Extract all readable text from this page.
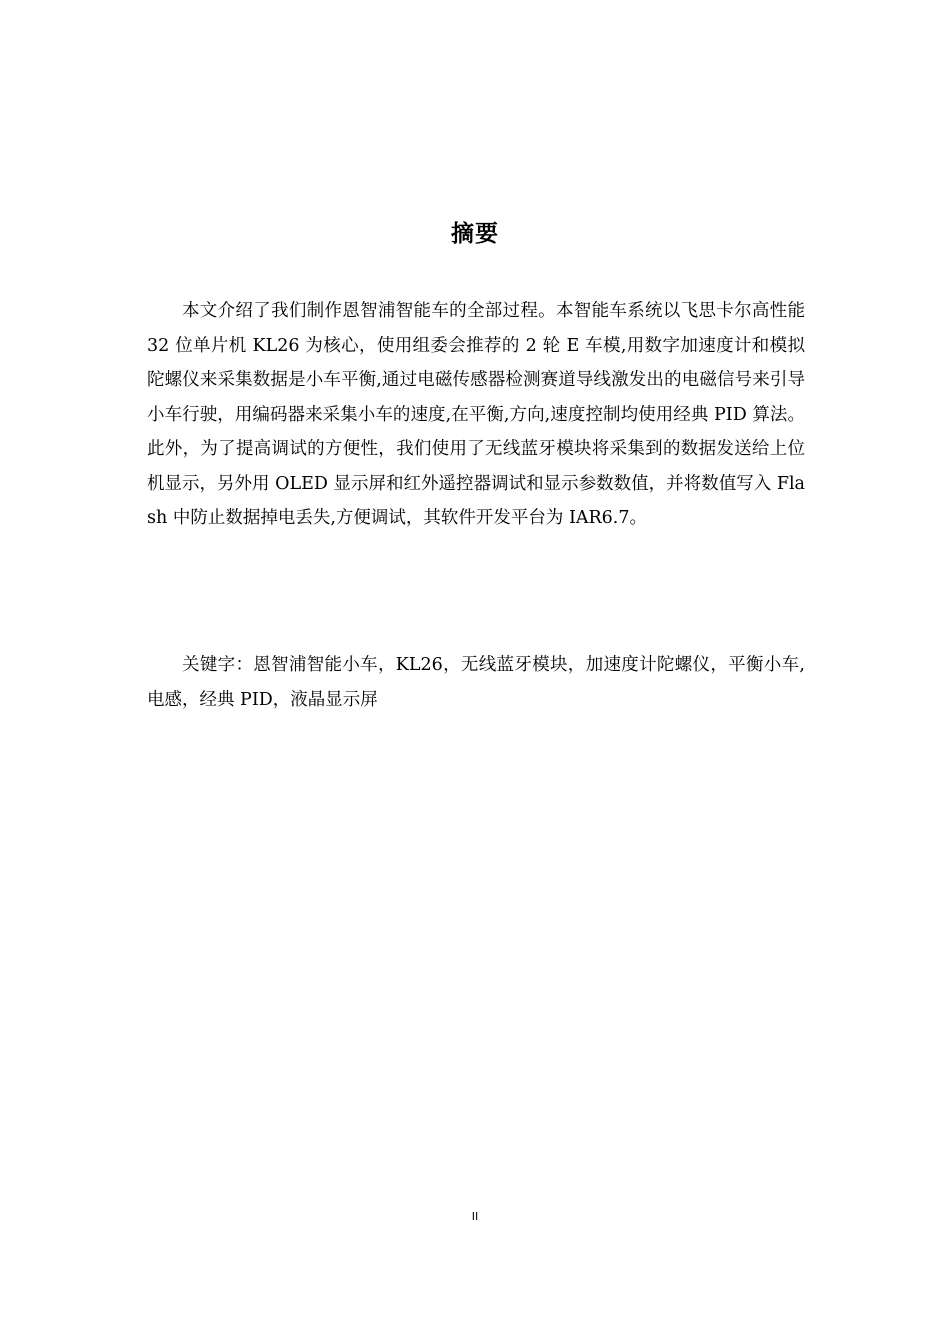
摘要

本文介绍了我们制作恩智浦智能车的全部过程。本智能车系统以飞思卡尔高性能 32 位单片机 KL26 为核心，使用组委会推荐的 2 轮 E 车模,用数字加速度计和模拟陀螺仪来采集数据是小车平衡,通过电磁传感器检测赛道导线激发出的电磁信号来引导小车行驶，用编码器来采集小车的速度,在平衡,方向,速度控制均使用经典 PID 算法。此外，为了提高调试的方便性，我们使用了无线蓝牙模块将采集到的数据发送给上位机显示，另外用 OLED 显示屏和红外遥控器调试和显示参数数值，并将数值写入 Flash 中防止数据掉电丢失,方便调试，其软件开发平台为 IAR6.7。

关键字：恩智浦智能小车，KL26，无线蓝牙模块，加速度计陀螺仪，平衡小车,电感，经典 PID，液晶显示屏

II
